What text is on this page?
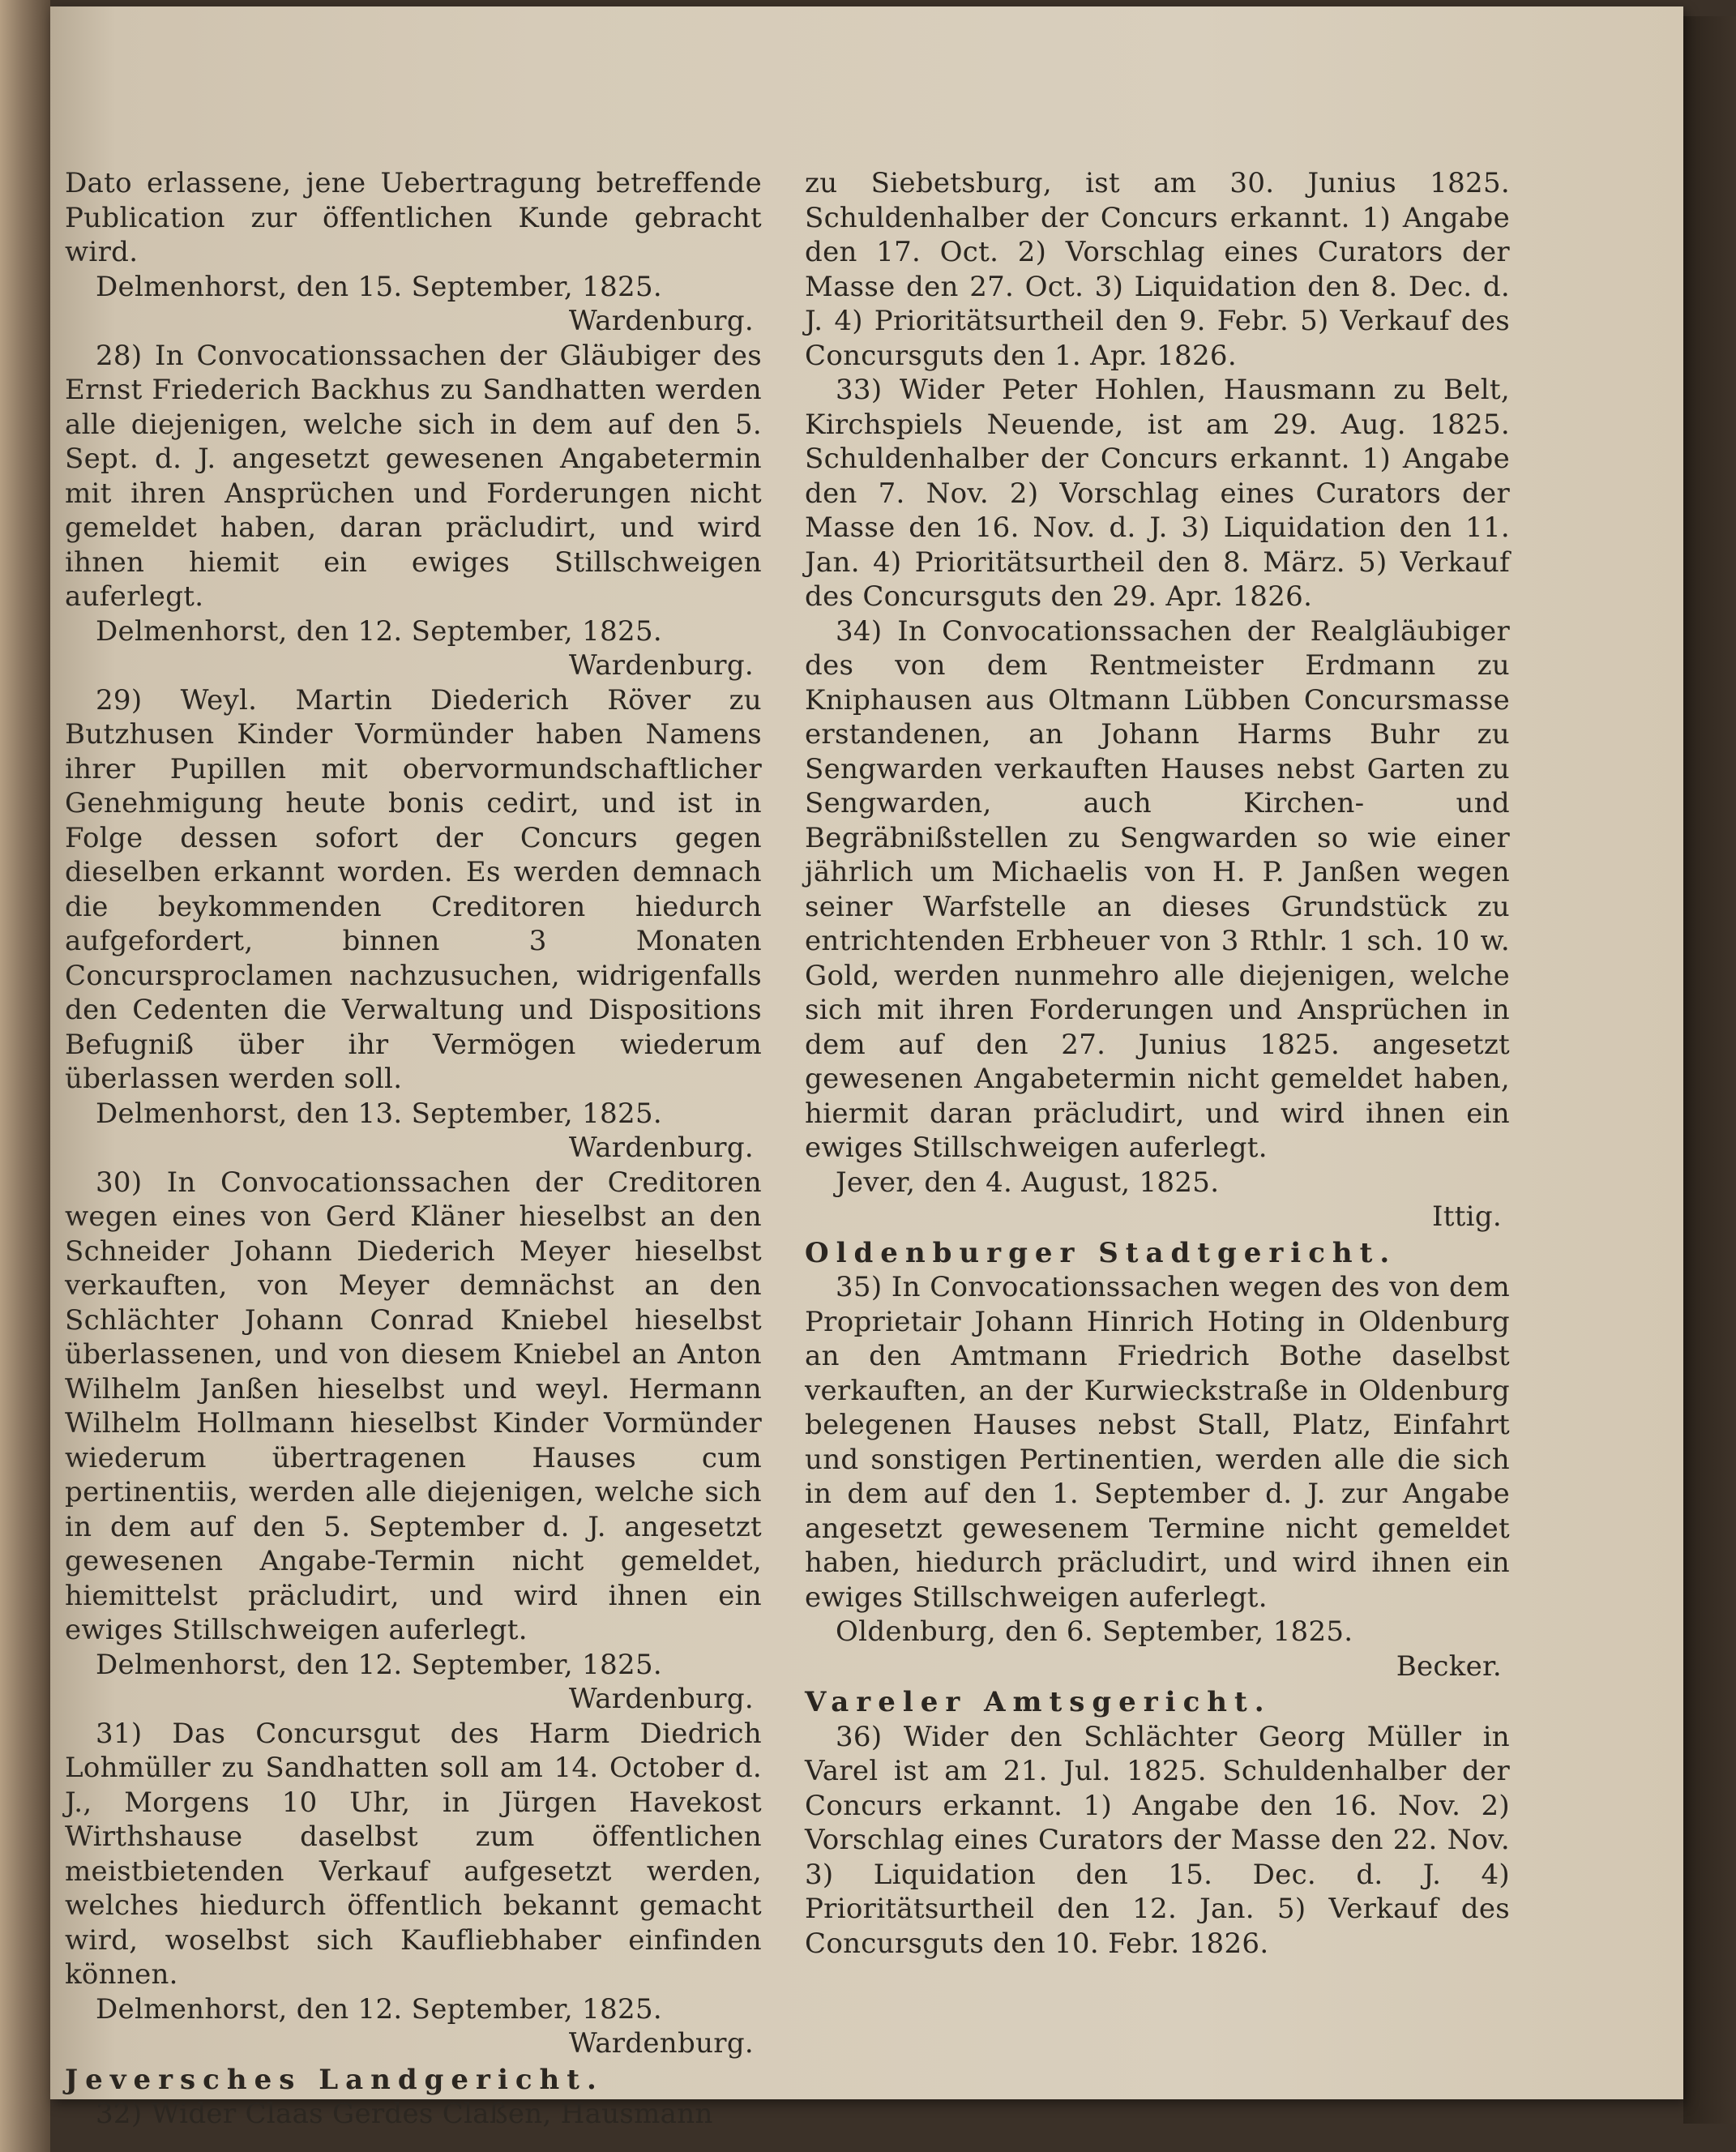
Dato erlassene, jene Uebertragung betreffende Publication zur öffentlichen Kunde gebracht wird.

Delmenhorst, den 15. September, 1825.

Wardenburg.

28) In Convocationssachen der Gläubiger des Ernst Friederich Backhus zu Sandhatten werden alle diejenigen, welche sich in dem auf den 5. Sept. d. J. angesetzt gewesenen Angabetermin mit ihren Ansprüchen und Forderungen nicht gemeldet haben, daran präcludirt, und wird ihnen hiemit ein ewiges Stillschweigen auferlegt.

Delmenhorst, den 12. September, 1825.

Wardenburg.

29) Weyl. Martin Diederich Röver zu Butzhusen Kinder Vormünder haben Namens ihrer Pupillen mit obervormundschaftlicher Genehmigung heute bonis cedirt, und ist in Folge dessen sofort der Concurs gegen dieselben erkannt worden. Es werden demnach die beykommenden Creditoren hiedurch aufgefordert, binnen 3 Monaten Concursproclamen nachzusuchen, widrigenfalls den Cedenten die Verwaltung und Dispositions Befugniß über ihr Vermögen wiederum überlassen werden soll.

Delmenhorst, den 13. September, 1825.

Wardenburg.

30) In Convocationssachen der Creditoren wegen eines von Gerd Kläner hieselbst an den Schneider Johann Diederich Meyer hieselbst verkauften, von Meyer demnächst an den Schlächter Johann Conrad Kniebel hieselbst überlassenen, und von diesem Kniebel an Anton Wilhelm Janßen hieselbst und weyl. Hermann Wilhelm Hollmann hieselbst Kinder Vormünder wiederum übertragenen Hauses cum pertinentiis, werden alle diejenigen, welche sich in dem auf den 5. September d. J. angesetzt gewesenen Angabe-Termin nicht gemeldet, hiemittelst präcludirt, und wird ihnen ein ewiges Stillschweigen auferlegt.

Delmenhorst, den 12. September, 1825.

Wardenburg.

31) Das Concursgut des Harm Diedrich Lohmüller zu Sandhatten soll am 14. October d. J., Morgens 10 Uhr, in Jürgen Havekost Wirthshause daselbst zum öffentlichen meistbietenden Verkauf aufgesetzt werden, welches hiedurch öffentlich bekannt gemacht wird, woselbst sich Kaufliebhaber einfinden können.

Delmenhorst, den 12. September, 1825.

Wardenburg.

Jeversches Landgericht.

32) Wider Claas Gerdes Claßen, Hausmann

zu Siebetsburg, ist am 30. Junius 1825. Schuldenhalber der Concurs erkannt. 1) Angabe den 17. Oct. 2) Vorschlag eines Curators der Masse den 27. Oct. 3) Liquidation den 8. Dec. d. J. 4) Prioritätsurtheil den 9. Febr. 5) Verkauf des Concursguts den 1. Apr. 1826.

33) Wider Peter Hohlen, Hausmann zu Belt, Kirchspiels Neuende, ist am 29. Aug. 1825. Schuldenhalber der Concurs erkannt. 1) Angabe den 7. Nov. 2) Vorschlag eines Curators der Masse den 16. Nov. d. J. 3) Liquidation den 11. Jan. 4) Prioritätsurtheil den 8. März. 5) Verkauf des Concursguts den 29. Apr. 1826.

34) In Convocationssachen der Realgläubiger des von dem Rentmeister Erdmann zu Kniphausen aus Oltmann Lübben Concursmasse erstandenen, an Johann Harms Buhr zu Sengwarden verkauften Hauses nebst Garten zu Sengwarden, auch Kirchen- und Begräbnißstellen zu Sengwarden so wie einer jährlich um Michaelis von H. P. Janßen wegen seiner Warfstelle an dieses Grundstück zu entrichtenden Erbheuer von 3 Rthlr. 1 sch. 10 w. Gold, werden nunmehro alle diejenigen, welche sich mit ihren Forderungen und Ansprüchen in dem auf den 27. Junius 1825. angesetzt gewesenen Angabetermin nicht gemeldet haben, hiermit daran präcludirt, und wird ihnen ein ewiges Stillschweigen auferlegt.

Jever, den 4. August, 1825.

Ittig.

Oldenburger Stadtgericht.

35) In Convocationssachen wegen des von dem Proprietair Johann Hinrich Hoting in Oldenburg an den Amtmann Friedrich Bothe daselbst verkauften, an der Kurwieckstraße in Oldenburg belegenen Hauses nebst Stall, Platz, Einfahrt und sonstigen Pertinentien, werden alle die sich in dem auf den 1. September d. J. zur Angabe angesetzt gewesenem Termine nicht gemeldet haben, hiedurch präcludirt, und wird ihnen ein ewiges Stillschweigen auferlegt.

Oldenburg, den 6. September, 1825.

Becker.

Vareler Amtsgericht.

36) Wider den Schlächter Georg Müller in Varel ist am 21. Jul. 1825. Schuldenhalber der Concurs erkannt. 1) Angabe den 16. Nov. 2) Vorschlag eines Curators der Masse den 22. Nov. 3) Liquidation den 15. Dec. d. J. 4) Prioritätsurtheil den 12. Jan. 5) Verkauf des Concursguts den 10. Febr. 1826.
